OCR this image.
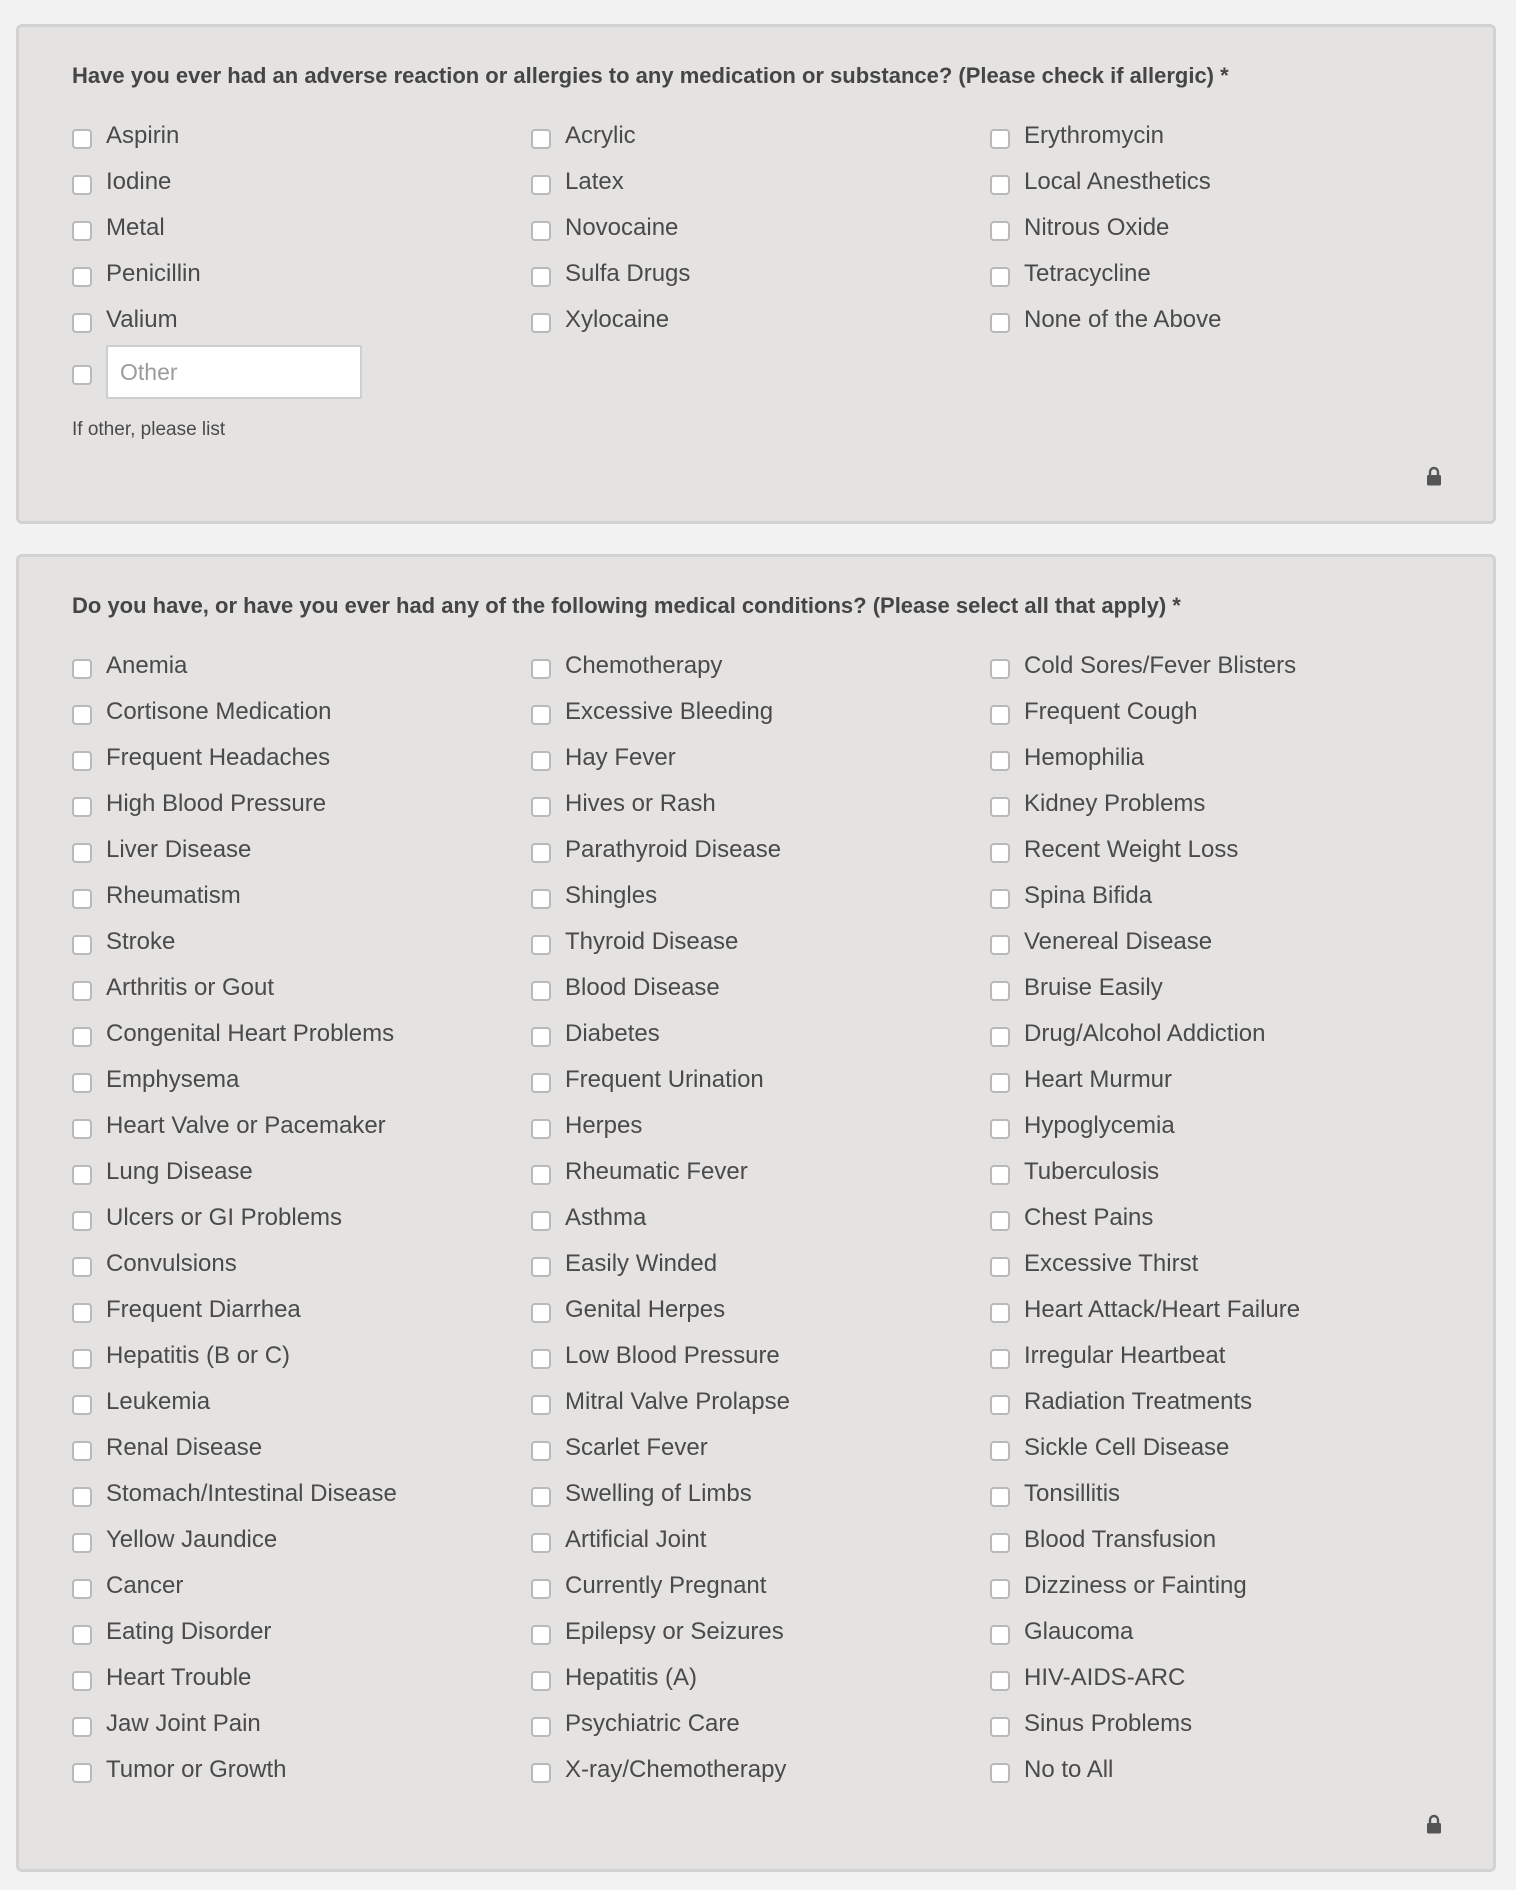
Have you ever had an adverse reaction or allergies to any medication or substance? (Please check if allergic) *
Aspirin	Acrylic	Erythromycin
Iodine	Latex	Local Anesthetics
Metal	Novocaine	Nitrous Oxide
Penicillin	Sulfa Drugs	Tetracycline
Valium	Xylocaine	None of the Above
Other
If other, please list
Do you have, or have you ever had any of the following medical conditions? (Please select all that apply) *
Anemia	Chemotherapy	Cold Sores/Fever Blisters
Cortisone Medication	Excessive Bleeding	Frequent Cough
Frequent Headaches	Hay Fever	Hemophilia
High Blood Pressure	Hives or Rash	Kidney Problems
Liver Disease	Parathyroid Disease	Recent Weight Loss
Rheumatism	Shingles	Spina Bifida
Stroke	Thyroid Disease	Venereal Disease
Arthritis or Gout	Blood Disease	Bruise Easily
Congenital Heart Problems	Diabetes	Drug/Alcohol Addiction
Emphysema	Frequent Urination	Heart Murmur
Heart Valve or Pacemaker	Herpes	Hypoglycemia
Lung Disease	Rheumatic Fever	Tuberculosis
Ulcers or GI Problems	Asthma	Chest Pains
Convulsions	Easily Winded	Excessive Thirst
Frequent Diarrhea	Genital Herpes	Heart Attack/Heart Failure
Hepatitis (B or C)	Low Blood Pressure	Irregular Heartbeat
Leukemia	Mitral Valve Prolapse	Radiation Treatments
Renal Disease	Scarlet Fever	Sickle Cell Disease
Stomach/Intestinal Disease	Swelling of Limbs	Tonsillitis
Yellow Jaundice	Artificial Joint	Blood Transfusion
Cancer	Currently Pregnant	Dizziness or Fainting
Eating Disorder	Epilepsy or Seizures	Glaucoma
Heart Trouble	Hepatitis (A)	HIV-AIDS-ARC
Jaw Joint Pain	Psychiatric Care	Sinus Problems
Tumor or Growth	X-ray/Chemotherapy	No to All
